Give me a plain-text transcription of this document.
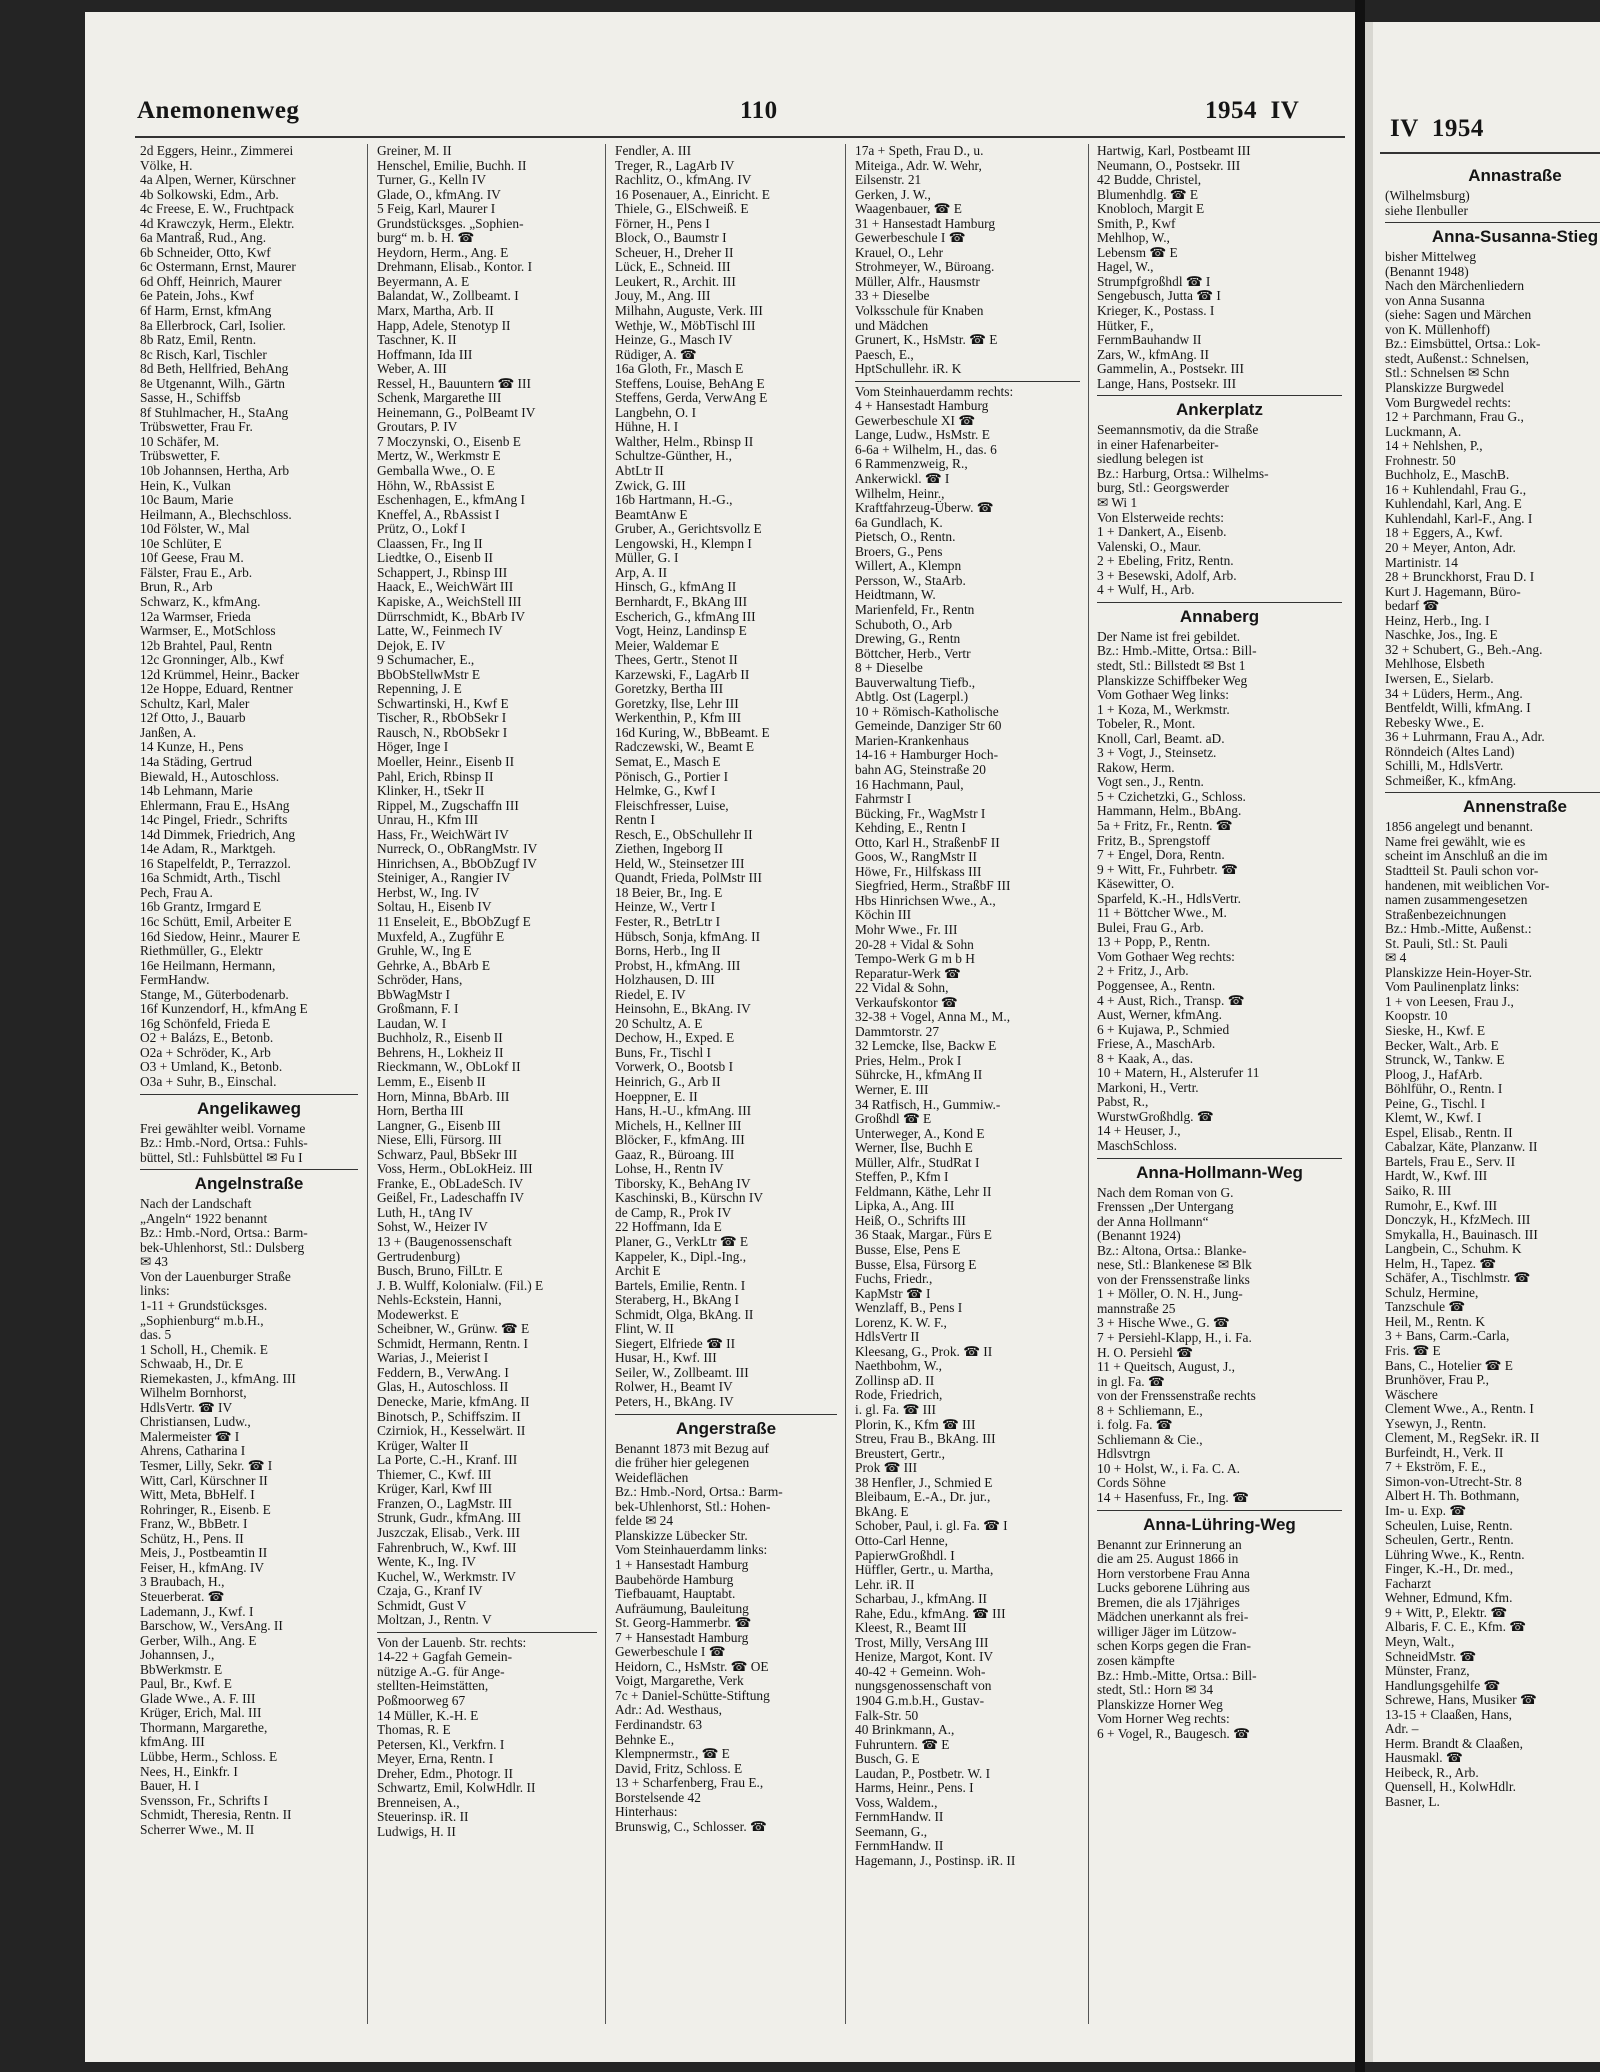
Anemonenweg	110	1954  IV
2d Eggers, Heinr., Zimmerei
Völke, H.
4a Alpen, Werner, Kürschner
4b Solkowski, Edm., Arb.
4c Freese, E. W., Fruchtpack
4d Krawczyk, Herm., Elektr.
6a Mantraß, Rud., Ang.
6b Schneider, Otto, Kwf
6c Ostermann, Ernst, Maurer
6d Ohff, Heinrich, Maurer
6e Patein, Johs., Kwf
6f Harm, Ernst, kfmAng
8a Ellerbrock, Carl, Isolier.
8b Ratz, Emil, Rentn.
8c Risch, Karl, Tischler
8d Beth, Hellfried, BehAng
8e Utgenannt, Wilh., Gärtn
Sasse, H., Schiffsb
8f Stuhlmacher, H., StaAng
Trübswetter, Frau Fr.
10 Schäfer, M.
Trübswetter, F.
10b Johannsen, Hertha, Arb
Hein, K., Vulkan
10c Baum, Marie
Heilmann, A., Blechschloss.
10d Fölster, W., Mal
10e Schlüter, E
10f Geese, Frau M.
Fälster, Frau E., Arb.
Brun, R., Arb
Schwarz, K., kfmAng.
12a Warmser, Frieda
Warmser, E., MotSchloss
12b Brahtel, Paul, Rentn
12c Gronninger, Alb., Kwf
12d Krümmel, Heinr., Backer
12e Hoppe, Eduard, Rentner
Schultz, Karl, Maler
12f Otto, J., Bauarb
Janßen, A.
14 Kunze, H., Pens
14a Städing, Gertrud
Biewald, H., Autoschloss.
14b Lehmann, Marie
Ehlermann, Frau E., HsAng
14c Pingel, Friedr., Schrifts
14d Dimmek, Friedrich, Ang
14e Adam, R., Marktgeh.
16 Stapelfeldt, P., Terrazzol.
16a Schmidt, Arth., Tischl
Pech, Frau A.
16b Grantz, Irmgard E
16c Schütt, Emil, Arbeiter E
16d Siedow, Heinr., Maurer E
Riethmüller, G., Elektr
16e Heilmann, Hermann,
FermHandw.
Stange, M., Güterbodenarb.
16f Kunzendorf, H., kfmAng E
16g Schönfeld, Frieda E
O2 + Balázs, E., Betonb.
O2a + Schröder, K., Arb
O3 + Umland, K., Betonb.
O3a + Suhr, B., Einschal.
Angelikaweg
Frei gewählter weibl. Vorname
Bz.: Hmb.-Nord, Ortsa.: Fuhls-
büttel, Stl.: Fuhlsbüttel ✉ Fu I
Angelnstraße
Nach der Landschaft
„Angeln“ 1922 benannt
Bz.: Hmb.-Nord, Ortsa.: Barm-
bek-Uhlenhorst, Stl.: Dulsberg
✉ 43
Von der Lauenburger Straße
links:
1-11 + Grundstücksges.
„Sophienburg“ m.b.H.,
das. 5
1 Scholl, H., Chemik. E
Schwaab, H., Dr. E
Riemekasten, J., kfmAng. III
Wilhelm Bornhorst,
HdlsVertr. ☎ IV
Christiansen, Ludw.,
Malermeister ☎ I
Ahrens, Catharina I
Tesmer, Lilly, Sekr. ☎ I
Witt, Carl, Kürschner II
Witt, Meta, BbHelf. I
Rohringer, R., Eisenb. E
Franz, W., BbBetr. I
Schütz, H., Pens. II
Meis, J., Postbeamtin II
Feiser, H., kfmAng. IV
3 Braubach, H.,
Steuerberat. ☎
Lademann, J., Kwf. I
Barschow, W., VersAng. II
Gerber, Wilh., Ang. E
Johannsen, J.,
BbWerkmstr. E
Paul, Br., Kwf. E
Glade Wwe., A. F. III
Krüger, Erich, Mal. III
Thormann, Margarethe,
kfmAng. III
Lübbe, Herm., Schloss. E
Nees, H., Einkfr. I
Bauer, H. I
Svensson, Fr., Schrifts I
Schmidt, Theresia, Rentn. II
Scherrer Wwe., M. II
Greiner, M. II
Henschel, Emilie, Buchh. II
Turner, G., Kelln IV
Glade, O., kfmAng. IV
5 Feig, Karl, Maurer I
Grundstücksges. „Sophien-
burg“ m. b. H. ☎
Heydorn, Herm., Ang. E
Drehmann, Elisab., Kontor. I
Beyermann, A. E
Balandat, W., Zollbeamt. I
Marx, Martha, Arb. II
Happ, Adele, Stenotyp II
Taschner, K. II
Hoffmann, Ida III
Weber, A. III
Ressel, H., Bauuntern ☎ III
Schenk, Margarethe III
Heinemann, G., PolBeamt IV
Groutars, P. IV
7 Moczynski, O., Eisenb E
Mertz, W., Werkmstr E
Gemballa Wwe., O. E
Höhn, W., RbAssist E
Eschenhagen, E., kfmAng I
Kneffel, A., RbAssist I
Prütz, O., Lokf I
Claassen, Fr., Ing II
Liedtke, O., Eisenb II
Schappert, J., Rbinsp III
Haack, E., WeichWärt III
Kapiske, A., WeichStell III
Dürrschmidt, K., BbArb IV
Latte, W., Feinmech IV
Dejok, E. IV
9 Schumacher, E.,
BbObStellwMstr E
Repenning, J. E
Schwartinski, H., Kwf E
Tischer, R., RbObSekr I
Rausch, N., RbObSekr I
Höger, Inge I
Moeller, Heinr., Eisenb II
Pahl, Erich, Rbinsp II
Klinker, H., tSekr II
Rippel, M., Zugschaffn III
Unrau, H., Kfm III
Hass, Fr., WeichWärt IV
Nurreck, O., ObRangMstr. IV
Hinrichsen, A., BbObZugf IV
Steiniger, A., Rangier IV
Herbst, W., Ing. IV
Soltau, H., Eisenb IV
11 Enseleit, E., BbObZugf E
Muxfeld, A., Zugführ E
Gruhle, W., Ing E
Gehrke, A., BbArb E
Schröder, Hans,
BbWagMstr I
Großmann, F. I
Laudan, W. I
Buchholz, R., Eisenb II
Behrens, H., Lokheiz II
Rieckmann, W., ObLokf II
Lemm, E., Eisenb II
Horn, Minna, BbArb. III
Horn, Bertha III
Langner, G., Eisenb III
Niese, Elli, Fürsorg. III
Schwarz, Paul, BbSekr III
Voss, Herm., ObLokHeiz. III
Franke, E., ObLadeSch. IV
Geißel, Fr., Ladeschaffn IV
Luth, H., tAng IV
Sohst, W., Heizer IV
13 + (Baugenossenschaft
Gertrudenburg)
Busch, Bruno, FilLtr. E
J. B. Wulff, Kolonialw. (Fil.) E
Nehls-Eckstein, Hanni,
Modewerkst. E
Scheibner, W., Grünw. ☎ E
Schmidt, Hermann, Rentn. I
Warias, J., Meierist I
Feddern, B., VerwAng. I
Glas, H., Autoschloss. II
Denecke, Marie, kfmAng. II
Binotsch, P., Schiffszim. II
Czirniok, H., Kesselwärt. II
Krüger, Walter II
La Porte, C.-H., Kranf. III
Thiemer, C., Kwf. III
Krüger, Karl, Kwf III
Franzen, O., LagMstr. III
Strunk, Gudr., kfmAng. III
Juszczak, Elisab., Verk. III
Fahrenbruch, W., Kwf. III
Wente, K., Ing. IV
Kuchel, W., Werkmstr. IV
Czaja, G., Kranf IV
Schmidt, Gust V
Moltzan, J., Rentn. V
Von der Lauenb. Str. rechts:
14-22 + Gagfah Gemein-
nützige A.-G. für Ange-
stellten-Heimstätten,
Poßmoorweg 67
14 Müller, K.-H. E
Thomas, R. E
Petersen, Kl., Verkfrn. I
Meyer, Erna, Rentn. I
Dreher, Edm., Photogr. II
Schwartz, Emil, KolwHdlr. II
Brenneisen, A.,
Steuerinsp. iR. II
Ludwigs, H. II
Fendler, A. III
Treger, R., LagArb IV
Rachlitz, O., kfmAng. IV
16 Posenauer, A., Einricht. E
Thiele, G., ElSchweiß. E
Förner, H., Pens I
Block, O., Baumstr I
Scheuer, H., Dreher II
Lück, E., Schneid. III
Leukert, R., Archit. III
Jouy, M., Ang. III
Milhahn, Auguste, Verk. III
Wethje, W., MöbTischl III
Heinze, G., Masch IV
Rüdiger, A. ☎
16a Gloth, Fr., Masch E
Steffens, Louise, BehAng E
Steffens, Gerda, VerwAng E
Langbehn, O. I
Hühne, H. I
Walther, Helm., Rbinsp II
Schultze-Günther, H.,
AbtLtr II
Zwick, G. III
16b Hartmann, H.-G.,
BeamtAnw E
Gruber, A., Gerichtsvollz E
Lengowski, H., Klempn I
Müller, G. I
Arp, A. II
Hinsch, G., kfmAng II
Bernhardt, F., BkAng III
Escherich, G., kfmAng III
Vogt, Heinz, Landinsp E
Meier, Waldemar E
Thees, Gertr., Stenot II
Karzewski, F., LagArb II
Goretzky, Bertha III
Goretzky, Ilse, Lehr III
Werkenthin, P., Kfm III
16d Kuring, W., BbBeamt. E
Radczewski, W., Beamt E
Semat, E., Masch E
Pönisch, G., Portier I
Helmke, G., Kwf I
Fleischfresser, Luise,
Rentn I
Resch, E., ObSchullehr II
Ziethen, Ingeborg II
Held, W., Steinsetzer III
Quandt, Frieda, PolMstr III
18 Beier, Br., Ing. E
Heinze, W., Vertr I
Fester, R., BetrLtr I
Hübsch, Sonja, kfmAng. II
Borns, Herb., Ing II
Probst, H., kfmAng. III
Holzhausen, D. III
Riedel, E. IV
Heinsohn, E., BkAng. IV
20 Schultz, A. E
Dechow, H., Exped. E
Buns, Fr., Tischl I
Vorwerk, O., Bootsb I
Heinrich, G., Arb II
Hoeppner, E. II
Hans, H.-U., kfmAng. III
Michels, H., Kellner III
Blöcker, F., kfmAng. III
Gaaz, R., Büroang. III
Lohse, H., Rentn IV
Tiborsky, K., BehAng IV
Kaschinski, B., Kürschn IV
de Camp, R., Prok IV
22 Hoffmann, Ida E
Planer, G., VerkLtr ☎ E
Kappeler, K., Dipl.-Ing.,
Archit E
Bartels, Emilie, Rentn. I
Steraberg, H., BkAng I
Schmidt, Olga, BkAng. II
Flint, W. II
Siegert, Elfriede ☎ II
Husar, H., Kwf. III
Seiler, W., Zollbeamt. III
Rolwer, H., Beamt IV
Peters, H., BkAng. IV
Angerstraße
Benannt 1873 mit Bezug auf
die früher hier gelegenen
Weideflächen
Bz.: Hmb.-Nord, Ortsa.: Barm-
bek-Uhlenhorst, Stl.: Hohen-
felde ✉ 24
Planskizze Lübecker Str.
Vom Steinhauerdamm links:
1 + Hansestadt Hamburg
Baubehörde Hamburg
Tiefbauamt, Hauptabt.
Aufräumung, Bauleitung
St. Georg-Hammerbr. ☎
7 + Hansestadt Hamburg
Gewerbeschule I ☎
Heidorn, C., HsMstr. ☎ OE
Voigt, Margarethe, Verk
7c + Daniel-Schütte-Stiftung
Adr.: Ad. Westhaus,
Ferdinandstr. 63
Behnke E.,
Klempnermstr., ☎ E
David, Fritz, Schloss. E
13 + Scharfenberg, Frau E.,
Borstelsende 42
Hinterhaus:
Brunswig, C., Schlosser. ☎
17a + Speth, Frau D., u.
Miteiga., Adr. W. Wehr,
Eilsenstr. 21
Gerken, J. W.,
Waagenbauer, ☎ E
31 + Hansestadt Hamburg
Gewerbeschule I ☎
Krauel, O., Lehr
Strohmeyer, W., Büroang.
Müller, Alfr., Hausmstr
33 + Dieselbe
Volksschule für Knaben
und Mädchen
Grunert, K., HsMstr. ☎ E
Paesch, E.,
HptSchullehr. iR. K
Vom Steinhauerdamm rechts:
4 + Hansestadt Hamburg
Gewerbeschule XI ☎
Lange, Ludw., HsMstr. E
6-6a + Wilhelm, H., das. 6
6 Rammenzweig, R.,
Ankerwickl. ☎ I
Wilhelm, Heinr.,
Kraftfahrzeug-Überw. ☎
6a Gundlach, K.
Pietsch, O., Rentn.
Broers, G., Pens
Willert, A., Klempn
Persson, W., StaArb.
Heidtmann, W.
Marienfeld, Fr., Rentn
Schuboth, O., Arb
Drewing, G., Rentn
Böttcher, Herb., Vertr
8 + Dieselbe
Bauverwaltung Tiefb.,
Abtlg. Ost (Lagerpl.)
10 + Römisch-Katholische
Gemeinde, Danziger Str 60
Marien-Krankenhaus
14-16 + Hamburger Hoch-
bahn AG, Steinstraße 20
16 Hachmann, Paul,
Fahrmstr I
Bücking, Fr., WagMstr I
Kehding, E., Rentn I
Otto, Karl H., StraßenbF II
Goos, W., RangMstr II
Höwe, Fr., Hilfskass III
Siegfried, Herm., StraßbF III
Hbs Hinrichsen Wwe., A.,
Köchin III
Mohr Wwe., Fr. III
20-28 + Vidal & Sohn
Tempo-Werk G m b H
Reparatur-Werk ☎
22 Vidal & Sohn,
Verkaufskontor ☎
32-38 + Vogel, Anna M., M.,
Dammtorstr. 27
32 Lemcke, Ilse, Backw E
Pries, Helm., Prok I
Sührcke, H., kfmAng II
Werner, E. III
34 Ratfisch, H., Gummiw.-
Großhdl ☎ E
Unterweger, A., Kond E
Werner, Ilse, Buchh E
Müller, Alfr., StudRat I
Steffen, P., Kfm I
Feldmann, Käthe, Lehr II
Lipka, A., Ang. III
Heiß, O., Schrifts III
36 Staak, Margar., Fürs E
Busse, Else, Pens E
Busse, Elsa, Fürsorg E
Fuchs, Friedr.,
KapMstr ☎ I
Wenzlaff, B., Pens I
Lorenz, K. W. F.,
HdlsVertr II
Kleesang, G., Prok. ☎ II
Naethbohm, W.,
Zollinsp aD. II
Rode, Friedrich,
i. gl. Fa. ☎ III
Plorin, K., Kfm ☎ III
Streu, Frau B., BkAng. III
Breustert, Gertr.,
Prok ☎ III
38 Henfler, J., Schmied E
Bleibaum, E.-A., Dr. jur.,
BkAng. E
Schober, Paul, i. gl. Fa. ☎ I
Otto-Carl Henne,
PapierwGroßhdl. I
Hüffler, Gertr., u. Martha,
Lehr. iR. II
Scharbau, J., kfmAng. II
Rahe, Edu., kfmAng. ☎ III
Kleest, R., Beamt III
Trost, Milly, VersAng III
Henize, Margot, Kont. IV
40-42 + Gemeinn. Woh-
nungsgenossenschaft von
1904 G.m.b.H., Gustav-
Falk-Str. 50
40 Brinkmann, A.,
Fuhruntern. ☎ E
Busch, G. E
Laudan, P., Postbetr. W. I
Harms, Heinr., Pens. I
Voss, Waldem.,
FernmHandw. II
Seemann, G.,
FernmHandw. II
Hagemann, J., Postinsp. iR. II
Hartwig, Karl, Postbeamt III
Neumann, O., Postsekr. III
42 Budde, Christel,
Blumenhdlg. ☎ E
Knobloch, Margit E
Smith, P., Kwf
Mehlhop, W.,
Lebensm ☎ E
Hagel, W.,
Strumpfgroßhdl ☎ I
Sengebusch, Jutta ☎ I
Krieger, K., Postass. I
Hütker, F.,
FernmBauhandw II
Zars, W., kfmAng. II
Gammelin, A., Postsekr. III
Lange, Hans, Postsekr. III
Ankerplatz
Seemannsmotiv, da die Straße
in einer Hafenarbeiter-
siedlung belegen ist
Bz.: Harburg, Ortsa.: Wilhelms-
burg, Stl.: Georgswerder
✉ Wi 1
Von Elsterweide rechts:
1 + Dankert, A., Eisenb.
Valenski, O., Maur.
2 + Ebeling, Fritz, Rentn.
3 + Besewski, Adolf, Arb.
4 + Wulf, H., Arb.
Annaberg
Der Name ist frei gebildet.
Bz.: Hmb.-Mitte, Ortsa.: Bill-
stedt, Stl.: Billstedt ✉ Bst 1
Planskizze Schiffbeker Weg
Vom Gothaer Weg links:
1 + Koza, M., Werkmstr.
Tobeler, R., Mont.
Knoll, Carl, Beamt. aD.
3 + Vogt, J., Steinsetz.
Rakow, Herm.
Vogt sen., J., Rentn.
5 + Czichetzki, G., Schloss.
Hammann, Helm., BbAng.
5a + Fritz, Fr., Rentn. ☎
Fritz, B., Sprengstoff
7 + Engel, Dora, Rentn.
9 + Witt, Fr., Fuhrbetr. ☎
Käsewitter, O.
Sparfeld, K.-H., HdlsVertr.
11 + Böttcher Wwe., M.
Bulei, Frau G., Arb.
13 + Popp, P., Rentn.
Vom Gothaer Weg rechts:
2 + Fritz, J., Arb.
Poggensee, A., Rentn.
4 + Aust, Rich., Transp. ☎
Aust, Werner, kfmAng.
6 + Kujawa, P., Schmied
Friese, A., MaschArb.
8 + Kaak, A., das.
10 + Matern, H., Alsterufer 11
Markoni, H., Vertr.
Pabst, R.,
WurstwGroßhdlg. ☎
14 + Heuser, J.,
MaschSchloss.
Anna-Hollmann-Weg
Nach dem Roman von G.
Frenssen „Der Untergang
der Anna Hollmann“
(Benannt 1924)
Bz.: Altona, Ortsa.: Blanke-
nese, Stl.: Blankenese ✉ Blk
von der Frenssenstraße links
1 + Möller, O. N. H., Jung-
mannstraße 25
3 + Hische Wwe., G. ☎
7 + Persiehl-Klapp, H., i. Fa.
H. O. Persiehl ☎
11 + Queitsch, August, J.,
in gl. Fa. ☎
von der Frenssenstraße rechts
8 + Schliemann, E.,
i. folg. Fa. ☎
Schliemann & Cie.,
Hdlsvtrgn
10 + Holst, W., i. Fa. C. A.
Cords Söhne
14 + Hasenfuss, Fr., Ing. ☎
Anna-Lühring-Weg
Benannt zur Erinnerung an
die am 25. August 1866 in
Horn verstorbene Frau Anna
Lucks geborene Lühring aus
Bremen, die als 17jähriges
Mädchen unerkannt als frei-
williger Jäger im Lützow-
schen Korps gegen die Fran-
zosen kämpfte
Bz.: Hmb.-Mitte, Ortsa.: Bill-
stedt, Stl.: Horn ✉ 34
Planskizze Horner Weg
Vom Horner Weg rechts:
6 + Vogel, R., Baugesch. ☎
IV  1954
Annastraße
(Wilhelmsburg)
siehe Ilenbuller
Anna-Susanna-Stieg
bisher Mittelweg
(Benannt 1948)
Nach den Märchenliedern
von Anna Susanna
(siehe: Sagen und Märchen
von K. Müllenhoff)
Bz.: Eimsbüttel, Ortsa.: Lok-
stedt, Außenst.: Schnelsen,
Stl.: Schnelsen ✉ Schn
Planskizze Burgwedel
Vom Burgwedel rechts:
12 + Parchmann, Frau G.,
Luckmann, A.
14 + Nehlshen, P.,
Frohnestr. 50
Buchholz, E., MaschB.
16 + Kuhlendahl, Frau G.,
Kuhlendahl, Karl, Ang. E
Kuhlendahl, Karl-F., Ang. I
18 + Eggers, A., Kwf.
20 + Meyer, Anton, Adr.
Martinistr. 14
28 + Brunckhorst, Frau D. I
Kurt J. Hagemann, Büro-
bedarf ☎
Heinz, Herb., Ing. I
Naschke, Jos., Ing. E
32 + Schubert, G., Beh.-Ang.
Mehlhose, Elsbeth
Iwersen, E., Sielarb.
34 + Lüders, Herm., Ang.
Bentfeldt, Willi, kfmAng. I
Rebesky Wwe., E.
36 + Luhrmann, Frau A., Adr.
Rönndeich (Altes Land)
Schilli, M., HdlsVertr.
Schmeißer, K., kfmAng.
Annenstraße
1856 angelegt und benannt.
Name frei gewählt, wie es
scheint im Anschluß an die im
Stadtteil St. Pauli schon vor-
handenen, mit weiblichen Vor-
namen zusammengesetzen
Straßenbezeichnungen
Bz.: Hmb.-Mitte, Außenst.:
St. Pauli, Stl.: St. Pauli
✉ 4
Planskizze Hein-Hoyer-Str.
Vom Paulinenplatz links:
1 + von Leesen, Frau J.,
Koopstr. 10
Sieske, H., Kwf. E
Becker, Walt., Arb. E
Strunck, W., Tankw. E
Ploog, J., HafArb.
Böhlführ, O., Rentn. I
Peine, G., Tischl. I
Klemt, W., Kwf. I
Espel, Elisab., Rentn. II
Cabalzar, Käte, Planzanw. II
Bartels, Frau E., Serv. II
Hardt, W., Kwf. III
Saiko, R. III
Rumohr, E., Kwf. III
Donczyk, H., KfzMech. III
Smykalla, H., Bauinasch. III
Langbein, C., Schuhm. K
Helm, H., Tapez. ☎
Schäfer, A., Tischlmstr. ☎
Schulz, Hermine,
Tanzschule ☎
Heil, M., Rentn. K
3 + Bans, Carm.-Carla,
Fris. ☎ E
Bans, C., Hotelier ☎ E
Brunhöver, Frau P.,
Wäschere
Clement Wwe., A., Rentn. I
Ysewyn, J., Rentn.
Clement, M., RegSekr. iR. II
Burfeindt, H., Verk. II
7 + Ekström, F. E.,
Simon-von-Utrecht-Str. 8
Albert H. Th. Bothmann,
Im- u. Exp. ☎
Scheulen, Luise, Rentn.
Scheulen, Gertr., Rentn.
Lühring Wwe., K., Rentn.
Finger, K.-H., Dr. med.,
Facharzt
Wehner, Edmund, Kfm.
9 + Witt, P., Elektr. ☎
Albaris, F. C. E., Kfm. ☎
Meyn, Walt.,
SchneidMstr. ☎
Münster, Franz,
Handlungsgehilfe ☎
Schrewe, Hans, Musiker ☎
13-15 + Claaßen, Hans,
Adr. –
Herm. Brandt & Claaßen,
Hausmakl. ☎
Heibeck, R., Arb.
Quensell, H., KolwHdlr.
Basner, L.
